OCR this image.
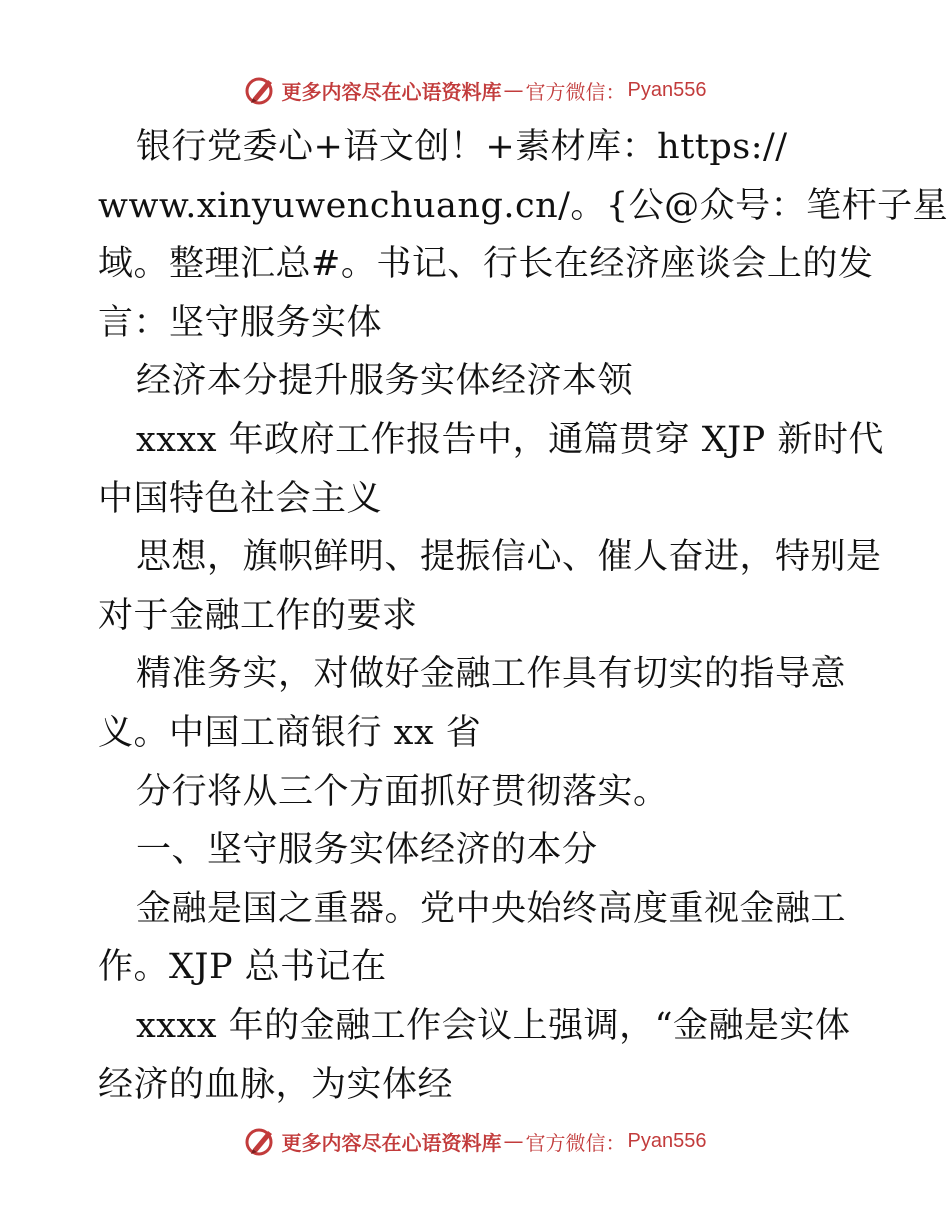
更多内容尽在心语资料库 — 官方微信： Pyan556
银行党委心+语文创！+素材库：https://
www.xinyuwenchuang.cn/。{公@众号：笔杆子星
域。整理汇总#。书记、行长在经济座谈会上的发
言：坚守服务实体
经济本分提升服务实体经济本领
xxxx 年政府工作报告中，通篇贯穿 XJP 新时代
中国特色社会主义
思想，旗帜鲜明、提振信心、催人奋进，特别是
对于金融工作的要求
精准务实，对做好金融工作具有切实的指导意
义。中国工商银行 xx 省
分行将从三个方面抓好贯彻落实。
一、坚守服务实体经济的本分
金融是国之重器。党中央始终高度重视金融工
作。XJP 总书记在
xxxx 年的金融工作会议上强调，“金融是实体
经济的血脉，为实体经
更多内容尽在心语资料库 — 官方微信： Pyan556
